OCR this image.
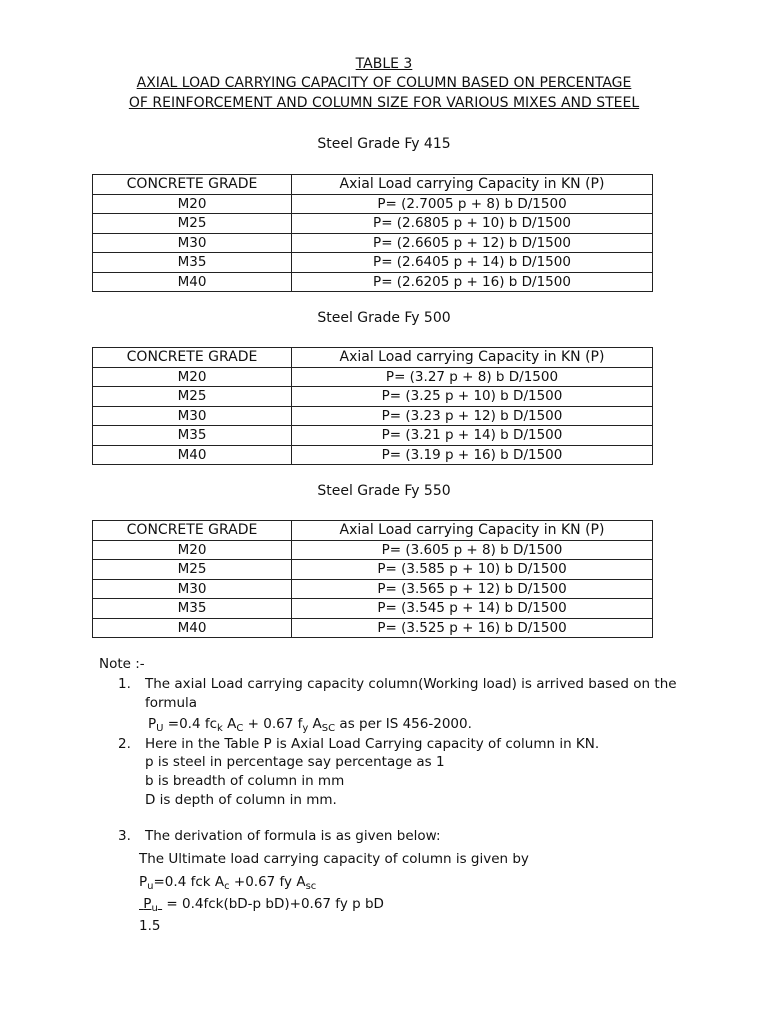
TABLE 3
AXIAL LOAD CARRYING CAPACITY OF COLUMN BASED ON PERCENTAGE
OF REINFORCEMENT AND COLUMN SIZE FOR VARIOUS MIXES AND STEEL
Steel Grade Fy 415
CONCRETE GRADE	Axial Load carrying Capacity in KN (P)
M20	P= (2.7005 p + 8) b D/1500
M25	P= (2.6805 p + 10) b D/1500
M30	P= (2.6605 p + 12) b D/1500
M35	P= (2.6405 p + 14) b D/1500
M40	P= (2.6205 p + 16) b D/1500
Steel Grade Fy 500
CONCRETE GRADE	Axial Load carrying Capacity in KN (P)
M20	P= (3.27 p + 8) b D/1500
M25	P= (3.25 p + 10) b D/1500
M30	P= (3.23 p + 12) b D/1500
M35	P= (3.21 p + 14) b D/1500
M40	P= (3.19 p + 16) b D/1500
Steel Grade Fy 550
CONCRETE GRADE	Axial Load carrying Capacity in KN (P)
M20	P= (3.605 p + 8) b D/1500
M25	P= (3.585 p + 10) b D/1500
M30	P= (3.565 p + 12) b D/1500
M35	P= (3.545 p + 14) b D/1500
M40	P= (3.525 p + 16) b D/1500
Note :-
1. The axial Load carrying capacity column(Working load) is arrived based on the
formula
$P_U =0.4$ $fc_k$ $A_C + 0.67$ $f_y$ $A_{SC}$ as per IS 456-2000.
2. Here in the Table P is Axial Load Carrying capacity of column in KN.
p is steel in percentage say percentage as 1
b is breadth of column in mm
D is depth of column in mm.
3. The derivation of formula is as given below:
The Ultimate load carrying capacity of column is given by
$P_u=0.4$ fck $A_c +0.67$ fy $A_{sc}$
$P_u = 0.4fck(bD-p$ bD)+0.67 fy p bD
1.5
